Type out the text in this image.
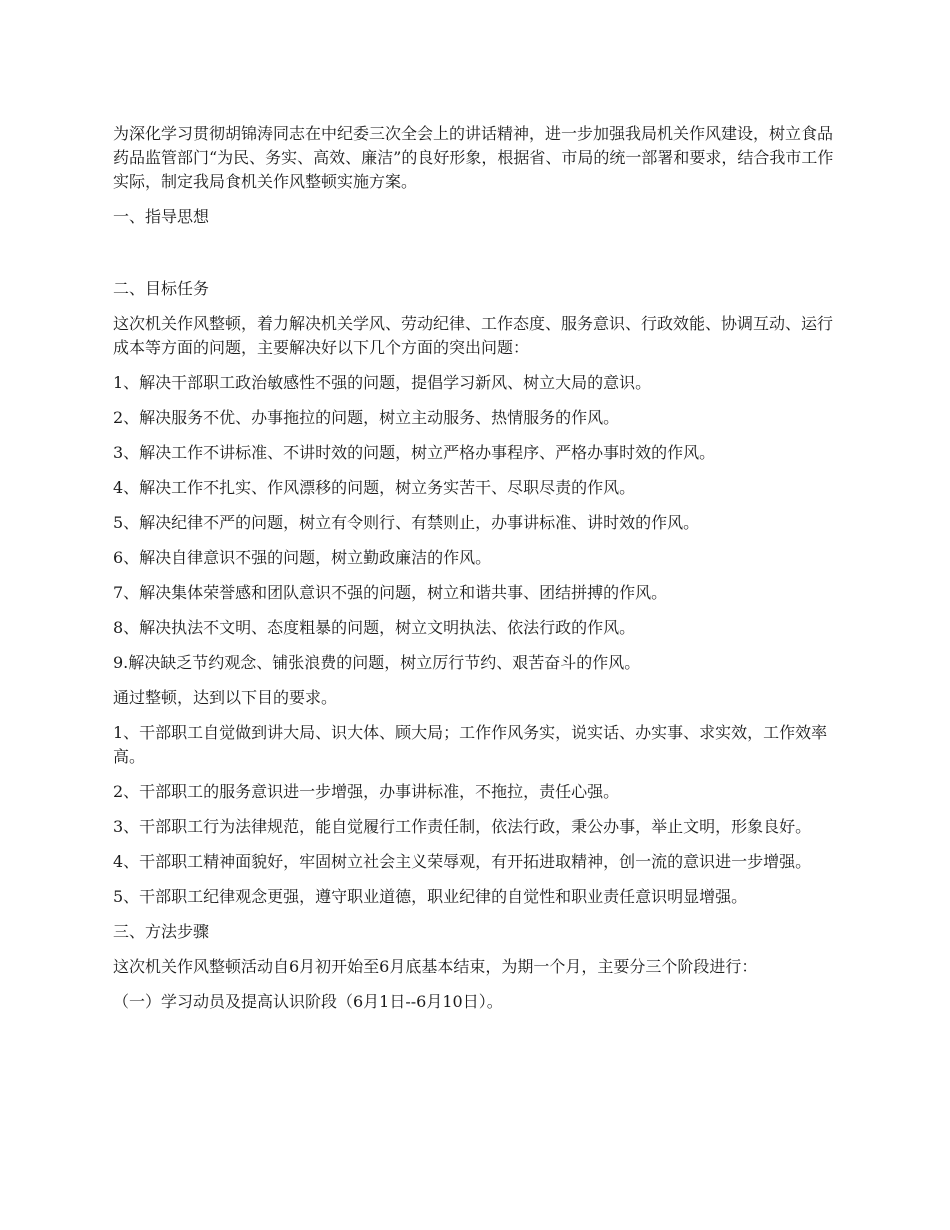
为深化学习贯彻胡锦涛同志在中纪委三次全会上的讲话精神，进一步加强我局机关作风建设，树立食品药品监管部门“为民、务实、高效、廉洁”的良好形象，根据省、市局的统一部署和要求，结合我市工作实际，制定我局食机关作风整顿实施方案。

一、指导思想

二、目标任务

这次机关作风整顿，着力解决机关学风、劳动纪律、工作态度、服务意识、行政效能、协调互动、运行成本等方面的问题，主要解决好以下几个方面的突出问题：

1、解决干部职工政治敏感性不强的问题，提倡学习新风、树立大局的意识。

2、解决服务不优、办事拖拉的问题，树立主动服务、热情服务的作风。

3、解决工作不讲标准、不讲时效的问题，树立严格办事程序、严格办事时效的作风。

4、解决工作不扎实、作风漂移的问题，树立务实苦干、尽职尽责的作风。

5、解决纪律不严的问题，树立有令则行、有禁则止，办事讲标准、讲时效的作风。

6、解决自律意识不强的问题，树立勤政廉洁的作风。

7、解决集体荣誉感和团队意识不强的问题，树立和谐共事、团结拼搏的作风。

8、解决执法不文明、态度粗暴的问题，树立文明执法、依法行政的作风。

9.解决缺乏节约观念、铺张浪费的问题，树立厉行节约、艰苦奋斗的作风。

通过整顿，达到以下目的要求。

1、干部职工自觉做到讲大局、识大体、顾大局；工作作风务实，说实话、办实事、求实效，工作效率高。

2、干部职工的服务意识进一步增强，办事讲标准，不拖拉，责任心强。

3、干部职工行为法律规范，能自觉履行工作责任制，依法行政，秉公办事，举止文明，形象良好。

4、干部职工精神面貌好，牢固树立社会主义荣辱观，有开拓进取精神，创一流的意识进一步增强。

5、干部职工纪律观念更强，遵守职业道德，职业纪律的自觉性和职业责任意识明显增强。

三、方法步骤

这次机关作风整顿活动自6月初开始至6月底基本结束，为期一个月，主要分三个阶段进行：

（一）学习动员及提高认识阶段（6月1日--6月10日）。
